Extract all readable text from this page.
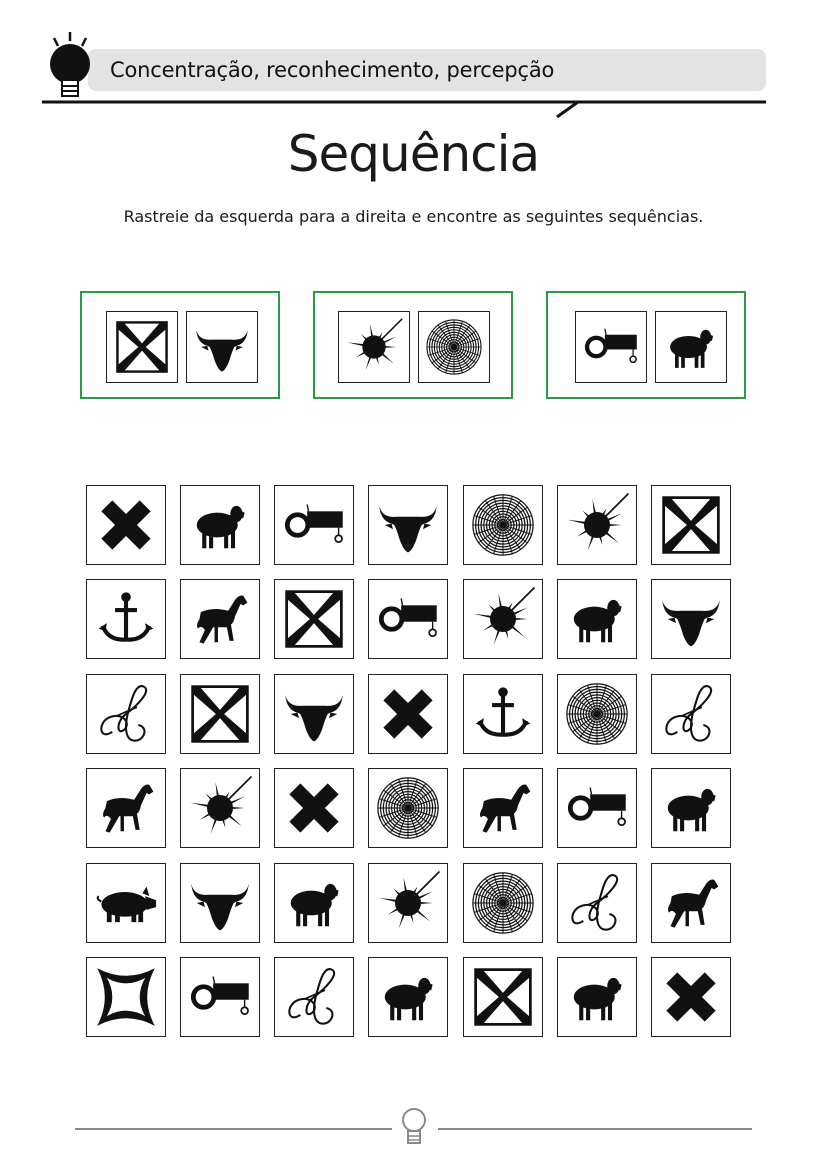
Concentração, reconhecimento, percepção
Sequência
Rastreie da esquerda para a direita e encontre as seguintes sequências.
